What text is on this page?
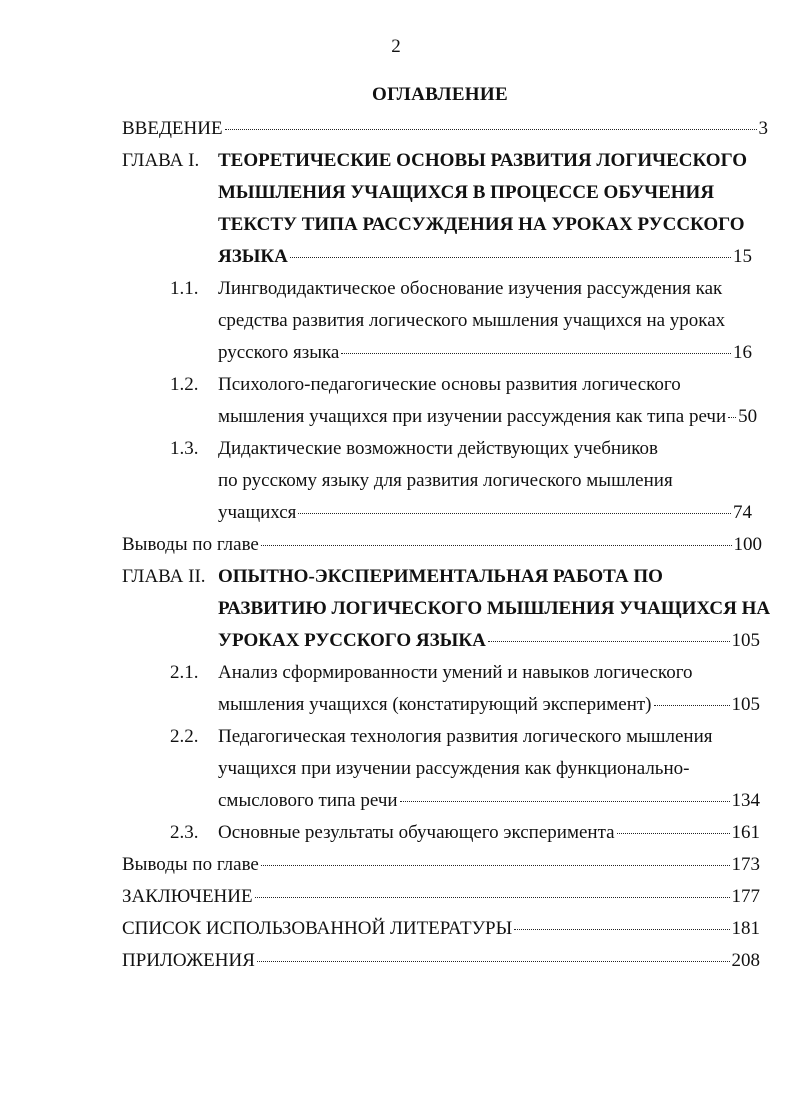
2
ОГЛАВЛЕНИЕ
ВВЕДЕНИЕ	3
ГЛАВА I. ТЕОРЕТИЧЕСКИЕ ОСНОВЫ РАЗВИТИЯ ЛОГИЧЕСКОГО
МЫШЛЕНИЯ УЧАЩИХСЯ В ПРОЦЕССЕ ОБУЧЕНИЯ
ТЕКСТУ ТИПА РАССУЖДЕНИЯ НА УРОКАХ РУССКОГО
ЯЗЫКА	15
1.1. Лингводидактическое обоснование изучения рассуждения как
средства развития логического мышления учащихся на уроках
русского языка	16
1.2. Психолого-педагогические основы развития логического
мышления учащихся при изучении рассуждения как типа речи 50
1.3. Дидактические возможности действующих учебников
по русскому языку для развития логического мышления
учащихся	74
Выводы по главе	100
ГЛАВА II. ОПЫТНО-ЭКСПЕРИМЕНТАЛЬНАЯ РАБОТА ПО
РАЗВИТИЮ ЛОГИЧЕСКОГО МЫШЛЕНИЯ УЧАЩИХСЯ НА
УРОКАХ РУССКОГО ЯЗЫКА	105
2.1. Анализ сформированности умений и навыков логического
мышления учащихся (констатирующий эксперимент)	105
2.2. Педагогическая технология развития логического мышления
учащихся при изучении рассуждения как функционально-
смыслового типа речи	134
2.3. Основные результаты обучающего эксперимента	161
Выводы по главе	173
ЗАКЛЮЧЕНИЕ	177
СПИСОК ИСПОЛЬЗОВАННОЙ ЛИТЕРАТУРЫ	181
ПРИЛОЖЕНИЯ	208
